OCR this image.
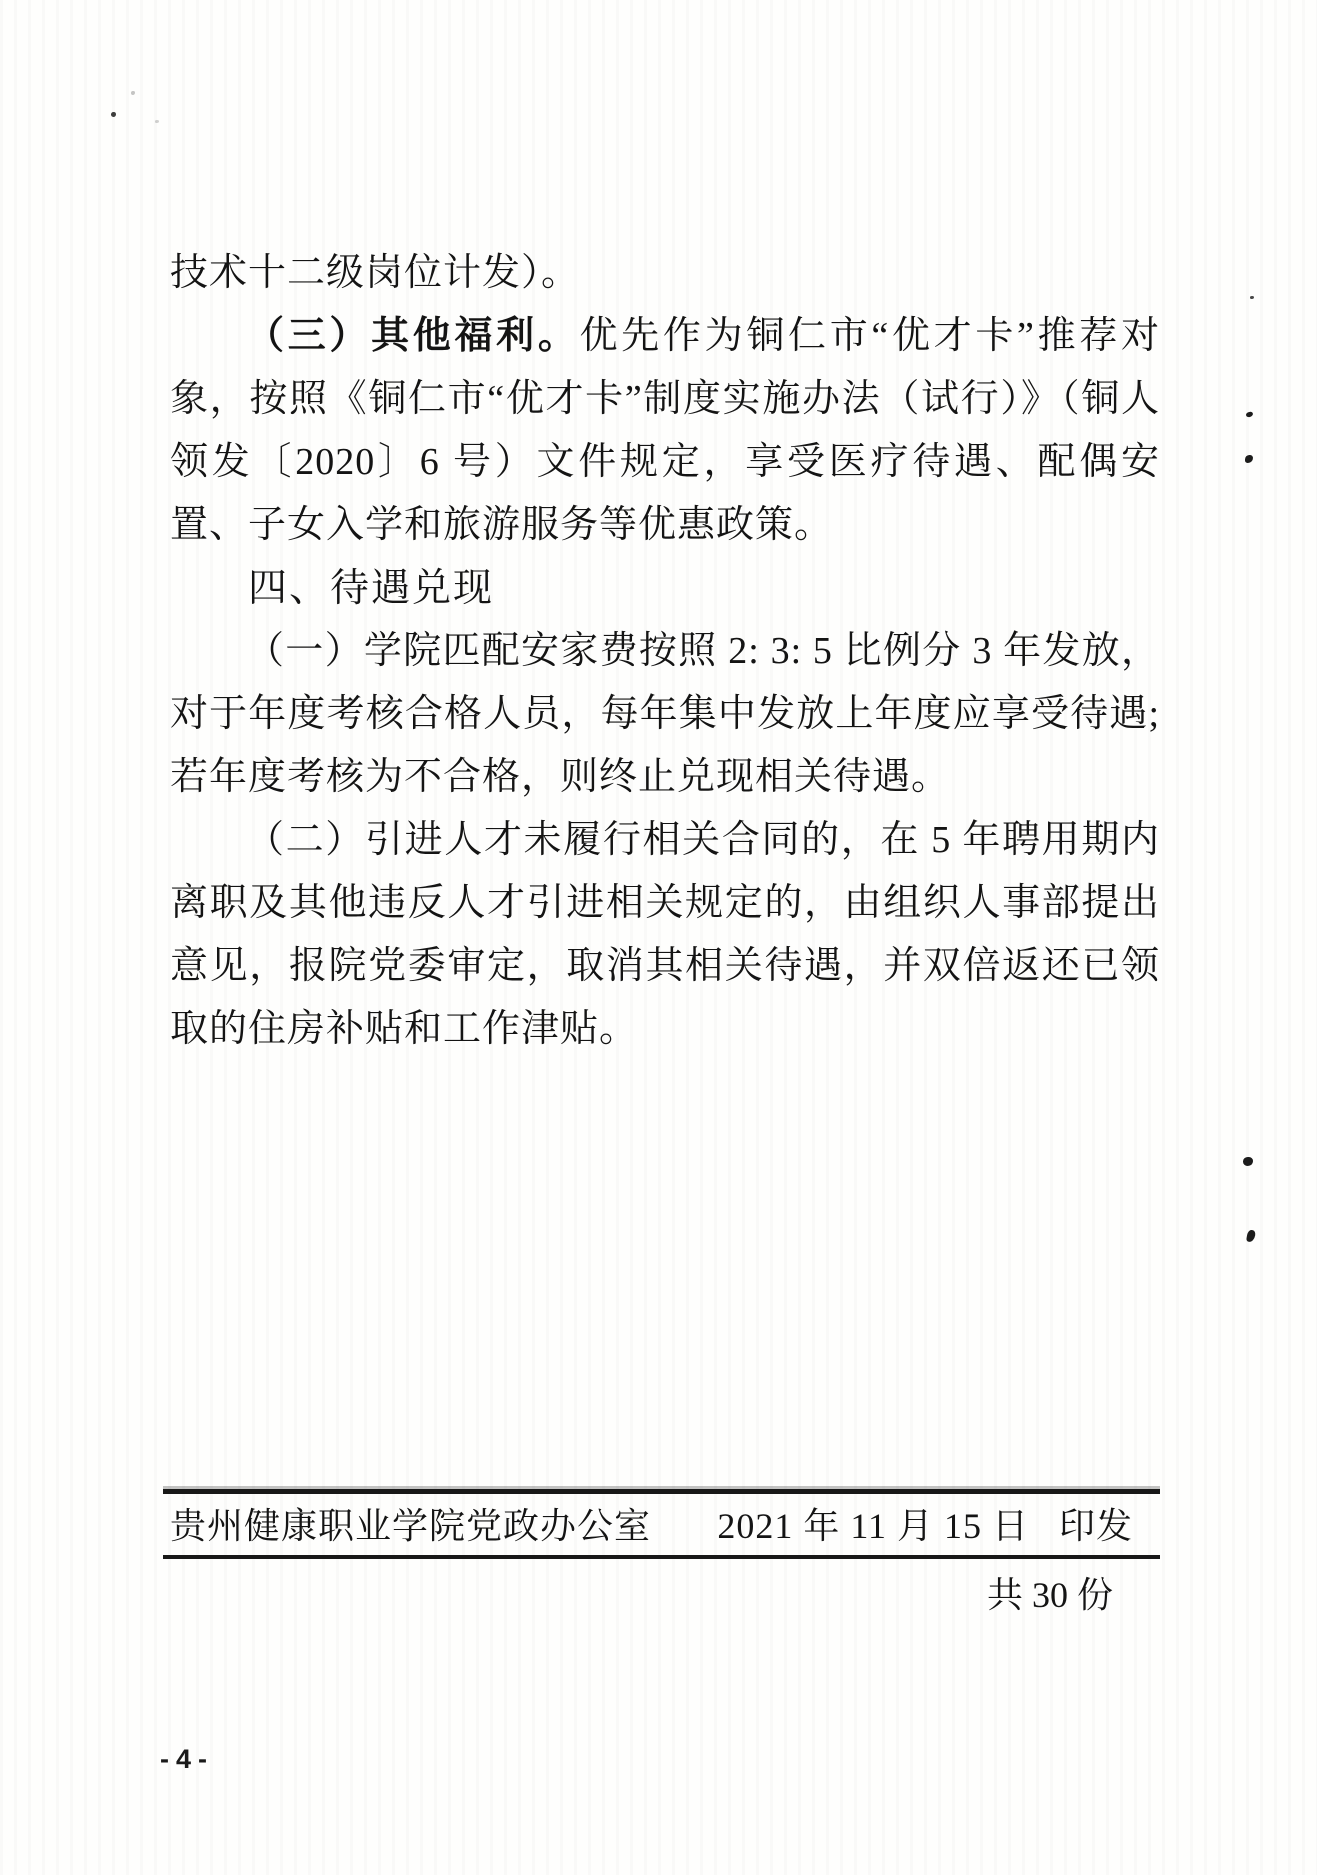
技术十二级岗位计发）。

（三）其他福利。优先作为铜仁市“优才卡”推荐对象，按照《铜仁市“优才卡”制度实施办法（试行）》（铜人领发〔2020〕6 号）文件规定，享受医疗待遇、配偶安置、子女入学和旅游服务等优惠政策。

四、待遇兑现

（一）学院匹配安家费按照 2: 3: 5 比例分 3 年发放，对于年度考核合格人员，每年集中发放上年度应享受待遇; 若年度考核为不合格，则终止兑现相关待遇。

（二）引进人才未履行相关合同的，在 5 年聘用期内离职及其他违反人才引进相关规定的，由组织人事部提出意见，报院党委审定，取消其相关待遇，并双倍返还已领取的住房补贴和工作津贴。

贵州健康职业学院党政办公室 2021 年 11 月 15 日 印发
共 30 份
-4-
